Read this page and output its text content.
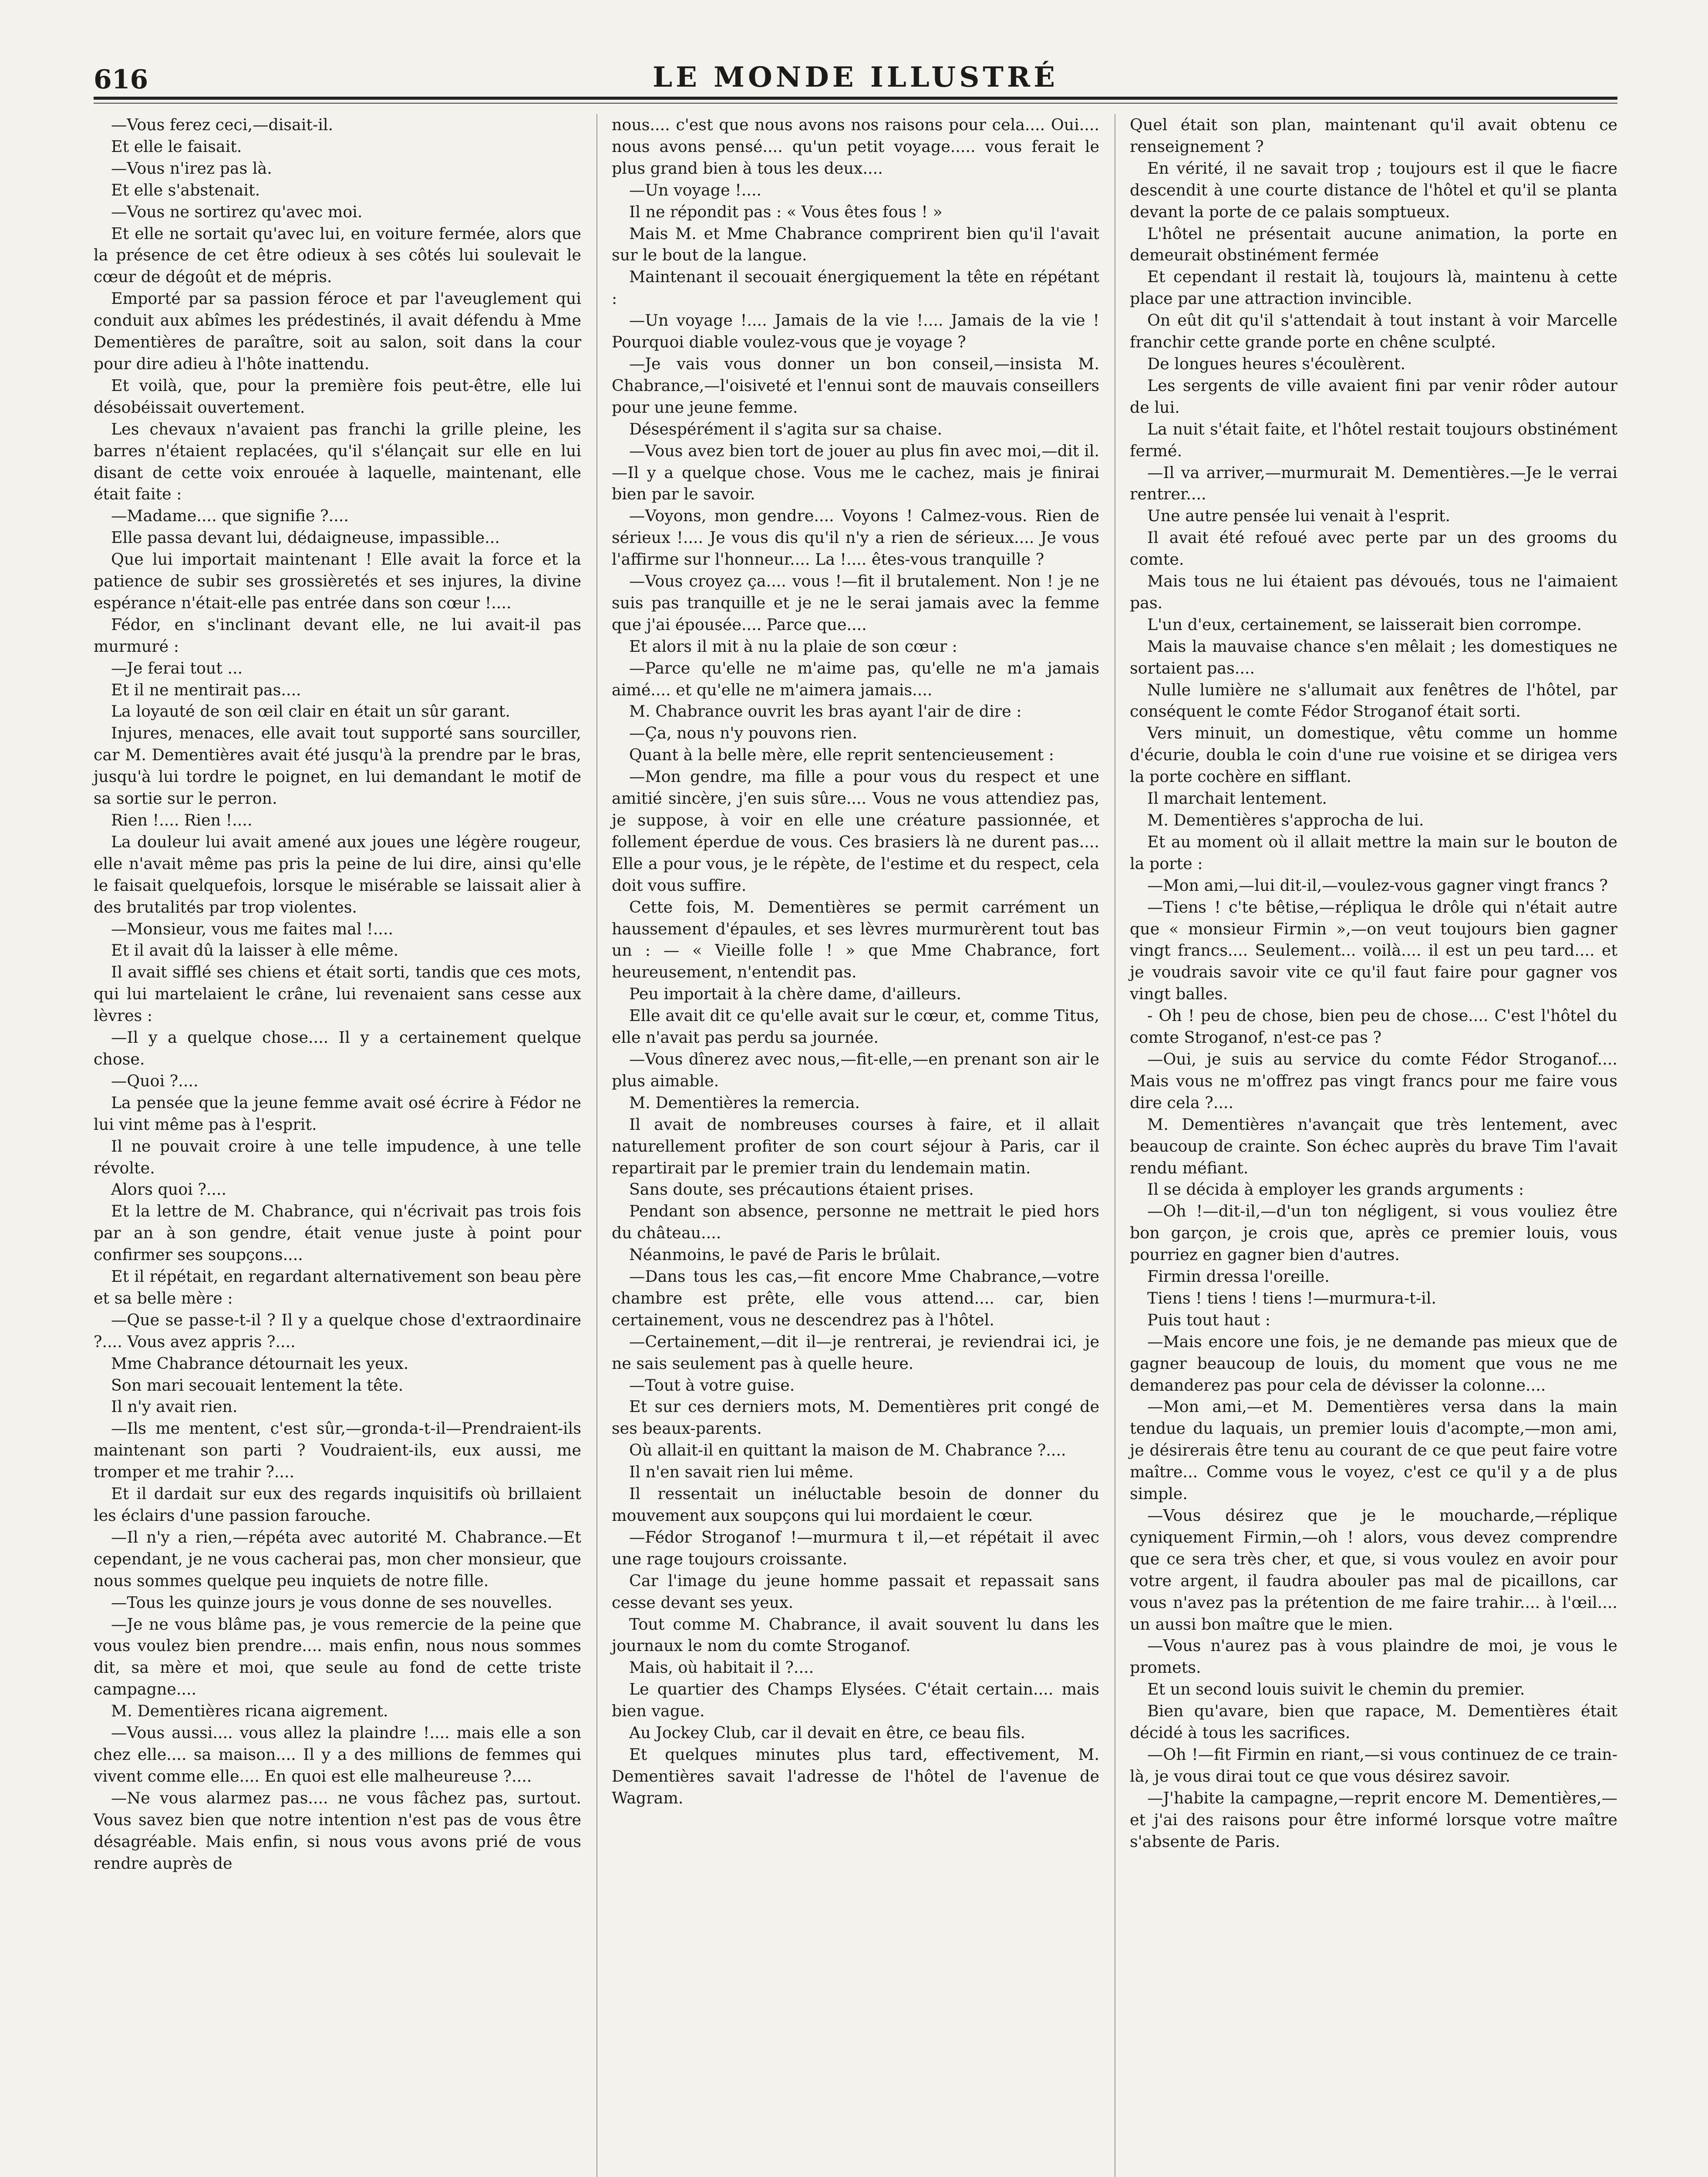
616	LE MONDE ILLUSTRÉ

—Vous ferez ceci,—disait-il.

Et elle le faisait.

—Vous n'irez pas là.

Et elle s'abstenait.

—Vous ne sortirez qu'avec moi.

Et elle ne sortait qu'avec lui, en voiture fermée, alors que la présence de cet être odieux à ses côtés lui soulevait le cœur de dégoût et de mépris.

Emporté par sa passion féroce et par l'aveuglement qui conduit aux abîmes les prédestinés, il avait défendu à Mme Dementières de paraître, soit au salon, soit dans la cour pour dire adieu à l'hôte inattendu.

Et voilà, que, pour la première fois peut-être, elle lui désobéissait ouvertement.

Les chevaux n'avaient pas franchi la grille pleine, les barres n'étaient replacées, qu'il s'élançait sur elle en lui disant de cette voix enrouée à laquelle, maintenant, elle était faite :

—Madame.... que signifie ?....

Elle passa devant lui, dédaigneuse, impassible...

Que lui importait maintenant ! Elle avait la force et la patience de subir ses grossièretés et ses injures, la divine espérance n'était-elle pas entrée dans son cœur !....

Fédor, en s'inclinant devant elle, ne lui avait-il pas murmuré :

—Je ferai tout ...

Et il ne mentirait pas....

La loyauté de son œil clair en était un sûr garant.

Injures, menaces, elle avait tout supporté sans sourciller, car M. Dementières avait été jusqu'à la prendre par le bras, jusqu'à lui tordre le poignet, en lui demandant le motif de sa sortie sur le perron.

Rien !.... Rien !....

La douleur lui avait amené aux joues une légère rougeur, elle n'avait même pas pris la peine de lui dire, ainsi qu'elle le faisait quelquefois, lorsque le misérable se laissait alier à des brutalités par trop violentes.

—Monsieur, vous me faites mal !....

Et il avait dû la laisser à elle même.

Il avait sifflé ses chiens et était sorti, tandis que ces mots, qui lui martelaient le crâne, lui revenaient sans cesse aux lèvres :

—Il y a quelque chose.... Il y a certainement quelque chose.

—Quoi ?....

La pensée que la jeune femme avait osé écrire à Fédor ne lui vint même pas à l'esprit.

Il ne pouvait croire à une telle impudence, à une telle révolte.

Alors quoi ?....

Et la lettre de M. Chabrance, qui n'écrivait pas trois fois par an à son gendre, était venue juste à point pour confirmer ses soupçons....

Et il répétait, en regardant alternativement son beau père et sa belle mère :

—Que se passe-t-il ? Il y a quelque chose d'extraordinaire ?.... Vous avez appris ?....

Mme Chabrance détournait les yeux.

Son mari secouait lentement la tête.

Il n'y avait rien.

—Ils me mentent, c'est sûr,—gronda-t-il—Prendraient-ils maintenant son parti ? Voudraient-ils, eux aussi, me tromper et me trahir ?....

Et il dardait sur eux des regards inquisitifs où brillaient les éclairs d'une passion farouche.

—Il n'y a rien,—répéta avec autorité M. Chabrance.—Et cependant, je ne vous cacherai pas, mon cher monsieur, que nous sommes quelque peu inquiets de notre fille.

—Tous les quinze jours je vous donne de ses nouvelles.

—Je ne vous blâme pas, je vous remercie de la peine que vous voulez bien prendre.... mais enfin, nous nous sommes dit, sa mère et moi, que seule au fond de cette triste campagne....

M. Dementières ricana aigrement.

—Vous aussi.... vous allez la plaindre !.... mais elle a son chez elle.... sa maison.... Il y a des millions de femmes qui vivent comme elle.... En quoi est elle malheureuse ?....

—Ne vous alarmez pas.... ne vous fâchez pas, surtout. Vous savez bien que notre intention n'est pas de vous être désagréable. Mais enfin, si nous vous avons prié de vous rendre auprès de

nous.... c'est que nous avons nos raisons pour cela.... Oui.... nous avons pensé.... qu'un petit voyage..... vous ferait le plus grand bien à tous les deux....

—Un voyage !....

Il ne répondit pas : « Vous êtes fous ! »

Mais M. et Mme Chabrance comprirent bien qu'il l'avait sur le bout de la langue.

Maintenant il secouait énergiquement la tête en répétant :

—Un voyage !.... Jamais de la vie !.... Jamais de la vie ! Pourquoi diable voulez-vous que je voyage ?

—Je vais vous donner un bon conseil,—insista M. Chabrance,—l'oisiveté et l'ennui sont de mauvais conseillers pour une jeune femme.

Désespérément il s'agita sur sa chaise.

—Vous avez bien tort de jouer au plus fin avec moi,—dit il.—Il y a quelque chose. Vous me le cachez, mais je finirai bien par le savoir.

—Voyons, mon gendre.... Voyons ! Calmez-vous. Rien de sérieux !.... Je vous dis qu'il n'y a rien de sérieux.... Je vous l'affirme sur l'honneur.... La !.... êtes-vous tranquille ?

—Vous croyez ça.... vous !—fit il brutalement. Non ! je ne suis pas tranquille et je ne le serai jamais avec la femme que j'ai épousée.... Parce que....

Et alors il mit à nu la plaie de son cœur :

—Parce qu'elle ne m'aime pas, qu'elle ne m'a jamais aimé.... et qu'elle ne m'aimera jamais....

M. Chabrance ouvrit les bras ayant l'air de dire :

—Ça, nous n'y pouvons rien.

Quant à la belle mère, elle reprit sentencieusement :

—Mon gendre, ma fille a pour vous du respect et une amitié sincère, j'en suis sûre.... Vous ne vous attendiez pas, je suppose, à voir en elle une créature passionnée, et follement éperdue de vous. Ces brasiers là ne durent pas.... Elle a pour vous, je le répète, de l'estime et du respect, cela doit vous suffire.

Cette fois, M. Dementières se permit carrément un haussement d'épaules, et ses lèvres murmurèrent tout bas un : — « Vieille folle ! » que Mme Chabrance, fort heureusement, n'entendit pas.

Peu importait à la chère dame, d'ailleurs.

Elle avait dit ce qu'elle avait sur le cœur, et, comme Titus, elle n'avait pas perdu sa journée.

—Vous dînerez avec nous,—fit-elle,—en prenant son air le plus aimable.

M. Dementières la remercia.

Il avait de nombreuses courses à faire, et il allait naturellement profiter de son court séjour à Paris, car il repartirait par le premier train du lendemain matin.

Sans doute, ses précautions étaient prises.

Pendant son absence, personne ne mettrait le pied hors du château....

Néanmoins, le pavé de Paris le brûlait.

—Dans tous les cas,—fit encore Mme Chabrance,—votre chambre est prête, elle vous attend.... car, bien certainement, vous ne descendrez pas à l'hôtel.

—Certainement,—dit il—je rentrerai, je reviendrai ici, je ne sais seulement pas à quelle heure.

—Tout à votre guise.

Et sur ces derniers mots, M. Dementières prit congé de ses beaux-parents.

Où allait-il en quittant la maison de M. Chabrance ?....

Il n'en savait rien lui même.

Il ressentait un inéluctable besoin de donner du mouvement aux soupçons qui lui mordaient le cœur.

—Fédor Stroganof !—murmura t il,—et répétait il avec une rage toujours croissante.

Car l'image du jeune homme passait et repassait sans cesse devant ses yeux.

Tout comme M. Chabrance, il avait souvent lu dans les journaux le nom du comte Stroganof.

Mais, où habitait il ?....

Le quartier des Champs Elysées. C'était certain.... mais bien vague.

Au Jockey Club, car il devait en être, ce beau fils.

Et quelques minutes plus tard, effectivement, M. Dementières savait l'adresse de l'hôtel de l'avenue de Wagram.

Quel était son plan, maintenant qu'il avait obtenu ce renseignement ?

En vérité, il ne savait trop ; toujours est il que le fiacre descendit à une courte distance de l'hôtel et qu'il se planta devant la porte de ce palais somptueux.

L'hôtel ne présentait aucune animation, la porte en demeurait obstinément fermée

Et cependant il restait là, toujours là, maintenu à cette place par une attraction invincible.

On eût dit qu'il s'attendait à tout instant à voir Marcelle franchir cette grande porte en chêne sculpté.

De longues heures s'écoulèrent.

Les sergents de ville avaient fini par venir rôder autour de lui.

La nuit s'était faite, et l'hôtel restait toujours obstinément fermé.

—Il va arriver,—murmurait M. Dementières.—Je le verrai rentrer....

Une autre pensée lui venait à l'esprit.

Il avait été refoué avec perte par un des grooms du comte.

Mais tous ne lui étaient pas dévoués, tous ne l'aimaient pas.

L'un d'eux, certainement, se laisserait bien corrompe.

Mais la mauvaise chance s'en mêlait ; les domestiques ne sortaient pas....

Nulle lumière ne s'allumait aux fenêtres de l'hôtel, par conséquent le comte Fédor Stroganof était sorti.

Vers minuit, un domestique, vêtu comme un homme d'écurie, doubla le coin d'une rue voisine et se dirigea vers la porte cochère en sifflant.

Il marchait lentement.

M. Dementières s'approcha de lui.

Et au moment où il allait mettre la main sur le bouton de la porte :

—Mon ami,—lui dit-il,—voulez-vous gagner vingt francs ?

—Tiens ! c'te bêtise,—répliqua le drôle qui n'était autre que « monsieur Firmin »,—on veut toujours bien gagner vingt francs.... Seulement... voilà.... il est un peu tard.... et je voudrais savoir vite ce qu'il faut faire pour gagner vos vingt balles.

- Oh ! peu de chose, bien peu de chose.... C'est l'hôtel du comte Stroganof, n'est-ce pas ?

—Oui, je suis au service du comte Fédor Stroganof.... Mais vous ne m'offrez pas vingt francs pour me faire vous dire cela ?....

M. Dementières n'avançait que très lentement, avec beaucoup de crainte. Son échec auprès du brave Tim l'avait rendu méfiant.

Il se décida à employer les grands arguments :

—Oh !—dit-il,—d'un ton négligent, si vous vouliez être bon garçon, je crois que, après ce premier louis, vous pourriez en gagner bien d'autres.

Firmin dressa l'oreille.

Tiens ! tiens ! tiens !—murmura-t-il.

Puis tout haut :

—Mais encore une fois, je ne demande pas mieux que de gagner beaucoup de louis, du moment que vous ne me demanderez pas pour cela de dévisser la colonne....

—Mon ami,—et M. Dementières versa dans la main tendue du laquais, un premier louis d'acompte,—mon ami, je désirerais être tenu au courant de ce que peut faire votre maître... Comme vous le voyez, c'est ce qu'il y a de plus simple.

—Vous désirez que je le moucharde,—réplique cyniquement Firmin,—oh ! alors, vous devez comprendre que ce sera très cher, et que, si vous voulez en avoir pour votre argent, il faudra abouler pas mal de picaillons, car vous n'avez pas la prétention de me faire trahir.... à l'œil.... un aussi bon maître que le mien.

—Vous n'aurez pas à vous plaindre de moi, je vous le promets.

Et un second louis suivit le chemin du premier.

Bien qu'avare, bien que rapace, M. Dementières était décidé à tous les sacrifices.

—Oh !—fit Firmin en riant,—si vous continuez de ce train-là, je vous dirai tout ce que vous désirez savoir.

—J'habite la campagne,—reprit encore M. Dementières,—et j'ai des raisons pour être informé lorsque votre maître s'absente de Paris.
